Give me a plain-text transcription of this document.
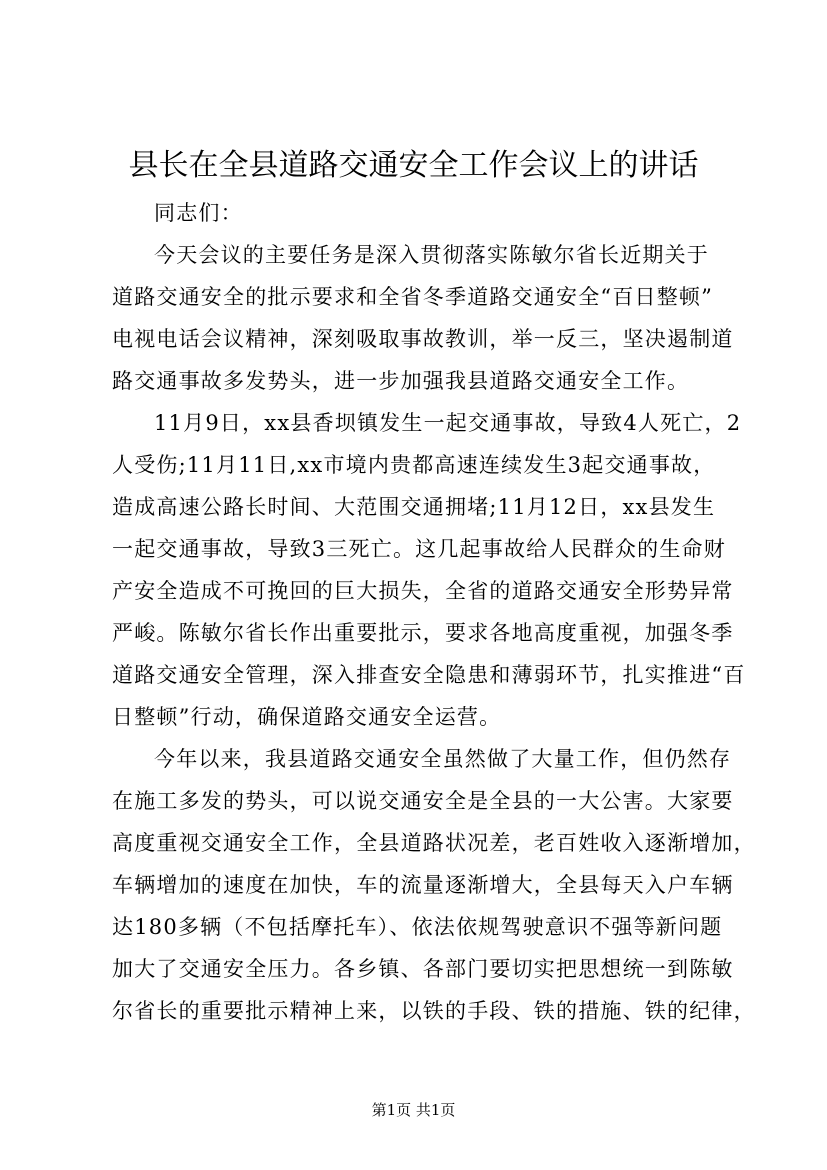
县长在全县道路交通安全工作会议上的讲话
同志们：
今天会议的主要任务是深入贯彻落实陈敏尔省长近期关于
道路交通安全的批示要求和全省冬季道路交通安全“百日整顿”
电视电话会议精神，深刻吸取事故教训，举一反三，坚决遏制道
路交通事故多发势头，进一步加强我县道路交通安全工作。
11月9日，xx县香坝镇发生一起交通事故，导致4人死亡，2
人受伤;11月11日,xx市境内贵都高速连续发生3起交通事故，
造成高速公路长时间、大范围交通拥堵;11月12日，xx县发生
一起交通事故，导致3三死亡。这几起事故给人民群众的生命财
产安全造成不可挽回的巨大损失，全省的道路交通安全形势异常
严峻。陈敏尔省长作出重要批示，要求各地高度重视，加强冬季
道路交通安全管理，深入排查安全隐患和薄弱环节，扎实推进“百
日整顿”行动，确保道路交通安全运营。
今年以来，我县道路交通安全虽然做了大量工作，但仍然存
在施工多发的势头，可以说交通安全是全县的一大公害。大家要
高度重视交通安全工作，全县道路状况差，老百姓收入逐渐增加，
车辆增加的速度在加快，车的流量逐渐增大，全县每天入户车辆
达180多辆（不包括摩托车）、依法依规驾驶意识不强等新问题
加大了交通安全压力。各乡镇、各部门要切实把思想统一到陈敏
尔省长的重要批示精神上来，以铁的手段、铁的措施、铁的纪律，
第1页 共1页
